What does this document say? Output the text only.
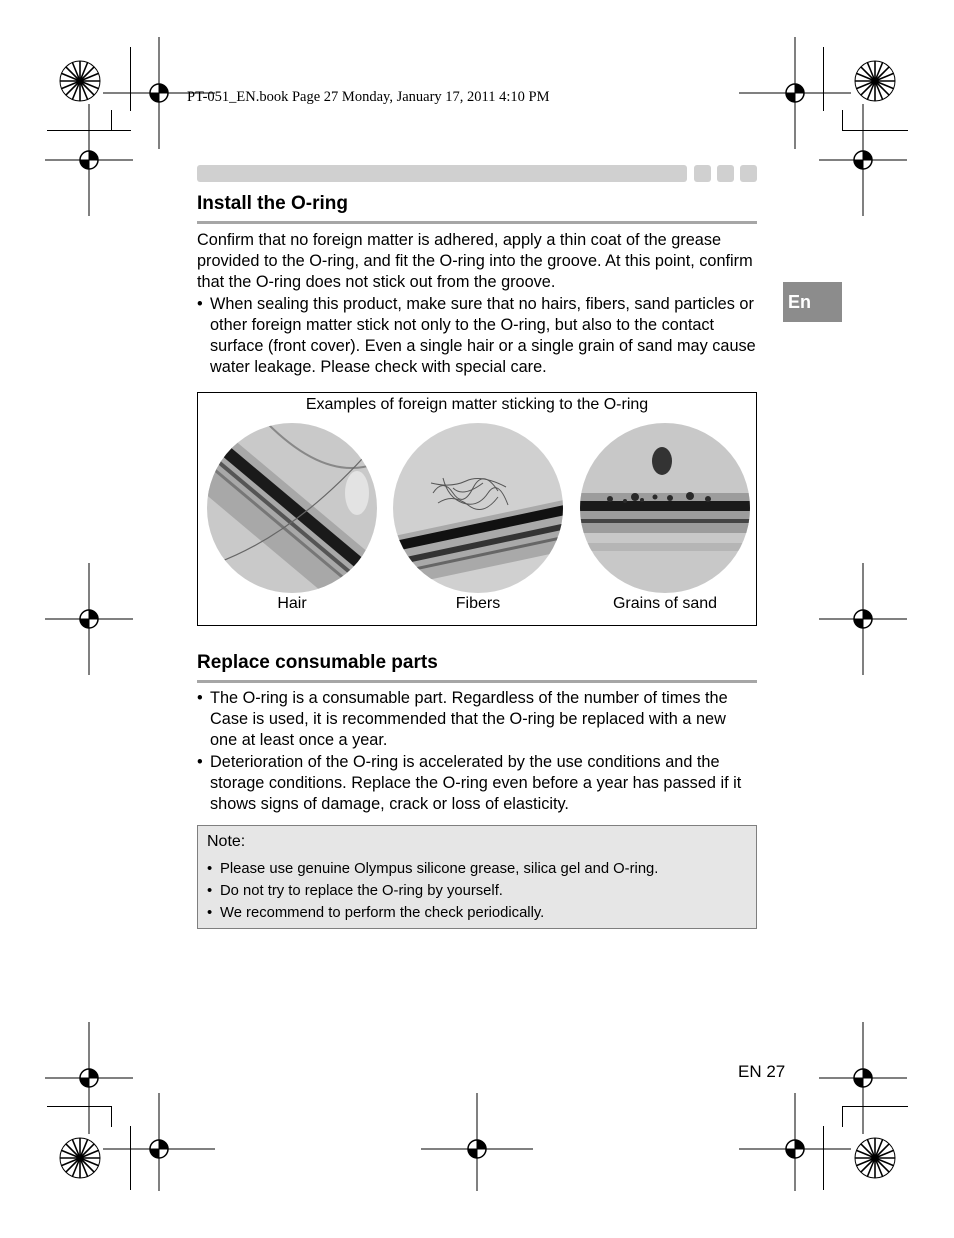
PT-051_EN.book Page 27 Monday, January 17, 2011 4:10 PM
En
Install the O-ring
Confirm that no foreign matter is adhered, apply a thin coat of the grease provided to the O-ring, and fit the O-ring into the groove. At this point, confirm that the O-ring does not stick out from the groove.
• When sealing this product, make sure that no hairs, fibers, sand particles or other foreign matter stick not only to the O-ring, but also to the contact surface (front cover). Even a single hair or a single grain of sand may cause water leakage. Please check with special care.
Examples of foreign matter sticking to the O-ring
Hair	Fibers	Grains of sand
Replace consumable parts
• The O-ring is a consumable part. Regardless of the number of times the Case is used, it is recommended that the O-ring be replaced with a new one at least once a year.
• Deterioration of the O-ring is accelerated by the use conditions and the storage conditions. Replace the O-ring even before a year has passed if it shows signs of damage, crack or loss of elasticity.
Note:
• Please use genuine Olympus silicone grease, silica gel and O-ring.
• Do not try to replace the O-ring by yourself.
• We recommend to perform the check periodically.
EN 27
